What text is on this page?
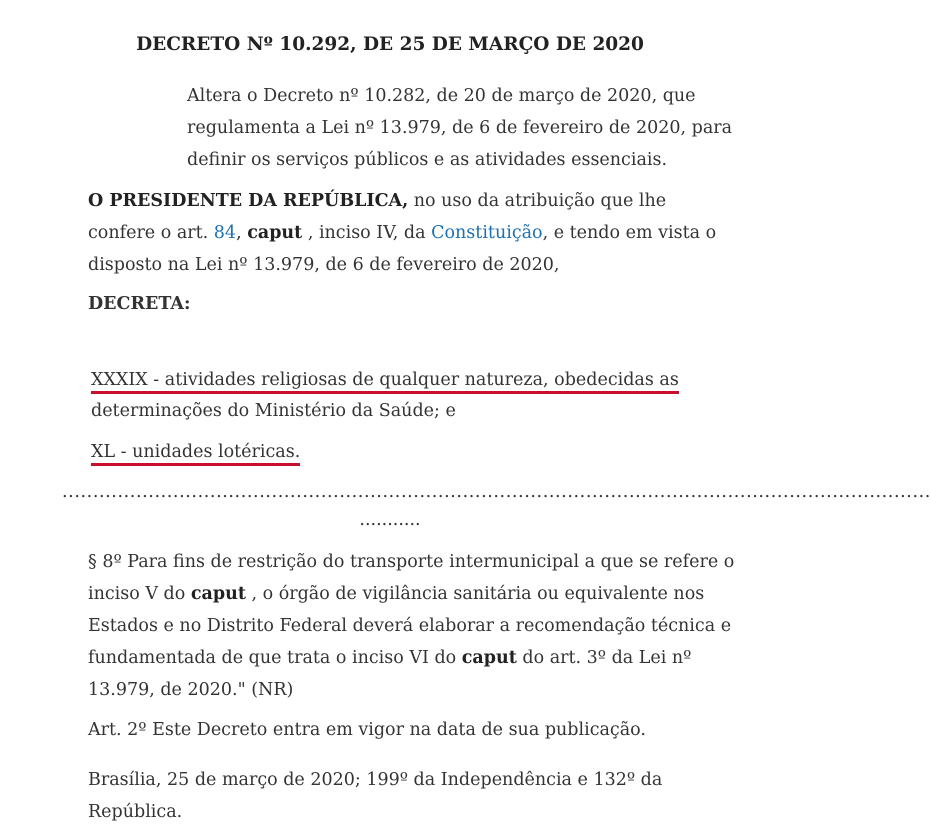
DECRETO Nº 10.292, DE 25 DE MARÇO DE 2020
Altera o Decreto nº 10.282, de 20 de março de 2020, que regulamenta a Lei nº 13.979, de 6 de fevereiro de 2020, para definir os serviços públicos e as atividades essenciais.
O PRESIDENTE DA REPÚBLICA, no uso da atribuição que lhe confere o art. 84, caput , inciso IV, da Constituição, e tendo em vista o disposto na Lei nº 13.979, de 6 de fevereiro de 2020,
DECRETA:
XXXIX - atividades religiosas de qualquer natureza, obedecidas as
determinações do Ministério da Saúde; e
XL - unidades lotéricas.
.............................................................................................................................................
...........
§ 8º Para fins de restrição do transporte intermunicipal a que se refere o inciso V do caput , o órgão de vigilância sanitária ou equivalente nos Estados e no Distrito Federal deverá elaborar a recomendação técnica e fundamentada de que trata o inciso VI do caput do art. 3º da Lei nº 13.979, de 2020." (NR)
Art. 2º Este Decreto entra em vigor na data de sua publicação.
Brasília, 25 de março de 2020; 199º da Independência e 132º da República.
